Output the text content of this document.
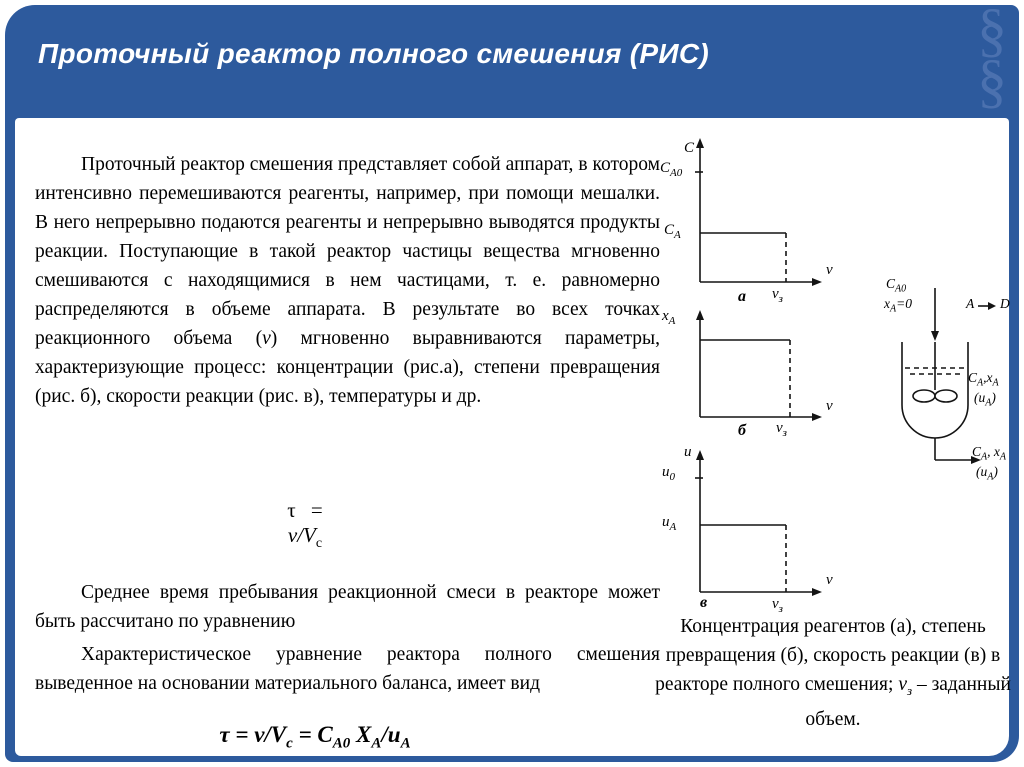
§
§
Проточный реактор полного смешения (РИС)

Проточный реактор смешения представляет собой аппарат, в котором интенсивно перемешиваются реагенты, например, при помощи мешалки. В него непрерывно подаются реагенты и непрерывно выводятся продукты реакции. Поступающие в такой реактор частицы вещества мгновенно смешиваются с находящимися в нем частицами, т. е. равномерно распределяются в объеме аппарата. В результате во всех точках реакционного объема (v) мгновенно выравниваются параметры, характеризующие процесс: концентрации (рис.а), степени превращения (рис. б), скорости реакции (рис. в), температуры и др.

τ =
$v/V_с$

Среднее время пребывания реакционной смеси в реакторе может быть рассчитано по уравнению

Характеристическое уравнение реактора полного смешения выведенное на основании материального баланса, имеет вид

$\tau = v/V_c = C_{A0}$ $X_A/u_A$
C
$C_{A0}$
$C_A$
v
$v_з$
а
$x_A$
v
$v_з$
б
u
$u_0$
$u_A$
v
$v_з$
в
$C_{A0}$
$x_A=0$	A D
$C_A,x_A$
$(u_A)$
$C_A$, $x_A$
$(u_A)$
Концентрация реагентов (а), степень превращения (б), скорость реакции (в) в реакторе полного смешения; $v_з$ – заданный объем.
